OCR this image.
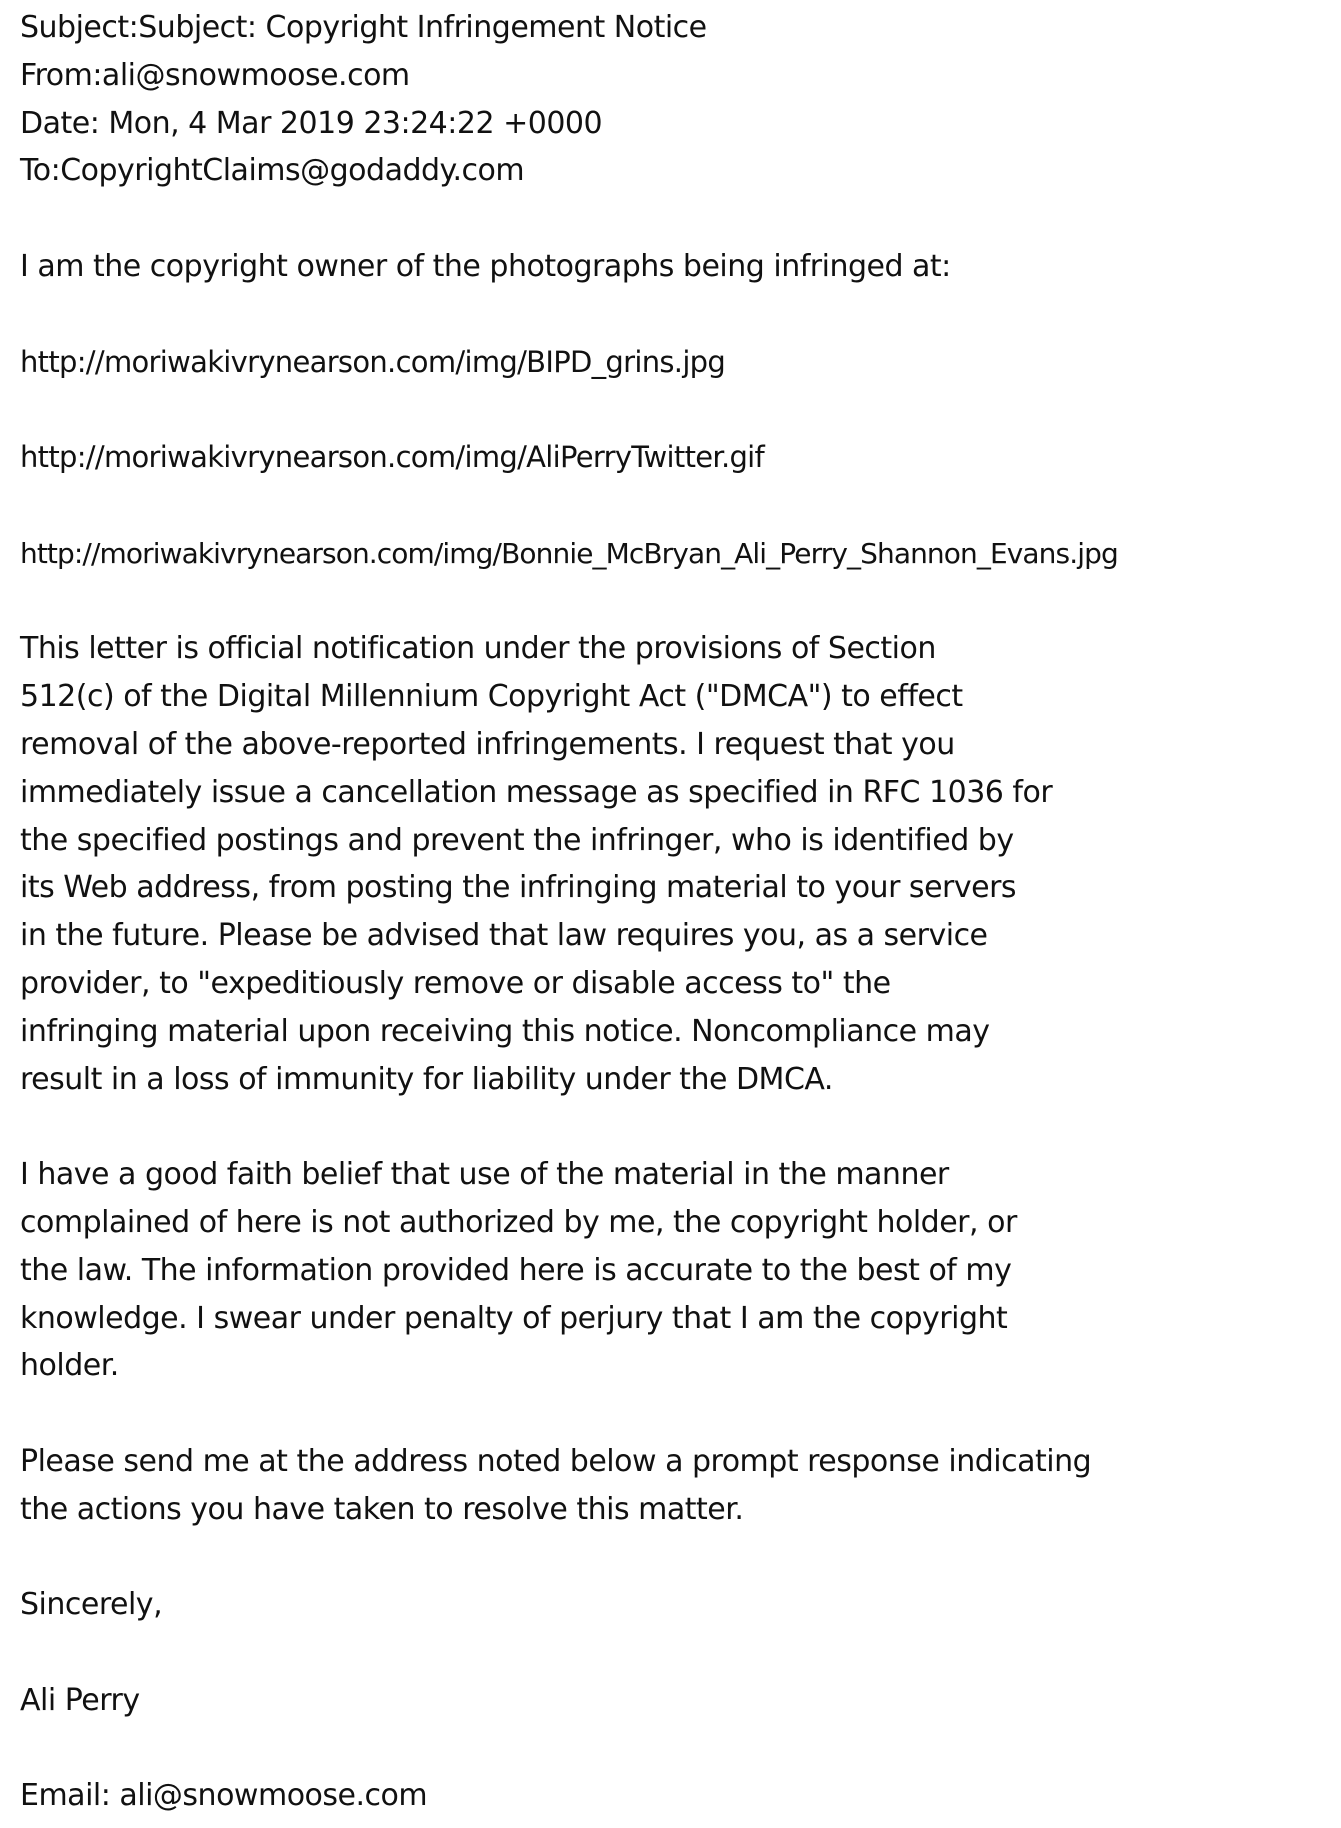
Subject:Subject: Copyright Infringement Notice
From:ali@snowmoose.com
Date: Mon, 4 Mar 2019 23:24:22 +0000
To:CopyrightClaims@godaddy.com
I am the copyright owner of the photographs being infringed at:
http://moriwakivrynearson.com/img/BIPD_grins.jpg
http://moriwakivrynearson.com/img/AliPerryTwitter.gif
http://moriwakivrynearson.com/img/Bonnie_McBryan_Ali_Perry_Shannon_Evans.jpg
This letter is official notification under the provisions of Section
512(c) of the Digital Millennium Copyright Act ("DMCA") to effect
removal of the above-reported infringements. I request that you
immediately issue a cancellation message as specified in RFC 1036 for
the specified postings and prevent the infringer, who is identified by
its Web address, from posting the infringing material to your servers
in the future. Please be advised that law requires you, as a service
provider, to "expeditiously remove or disable access to" the
infringing material upon receiving this notice. Noncompliance may
result in a loss of immunity for liability under the DMCA.
I have a good faith belief that use of the material in the manner
complained of here is not authorized by me, the copyright holder, or
the law. The information provided here is accurate to the best of my
knowledge. I swear under penalty of perjury that I am the copyright
holder.
Please send me at the address noted below a prompt response indicating
the actions you have taken to resolve this matter.
Sincerely,
Ali Perry
Email: ali@snowmoose.com
